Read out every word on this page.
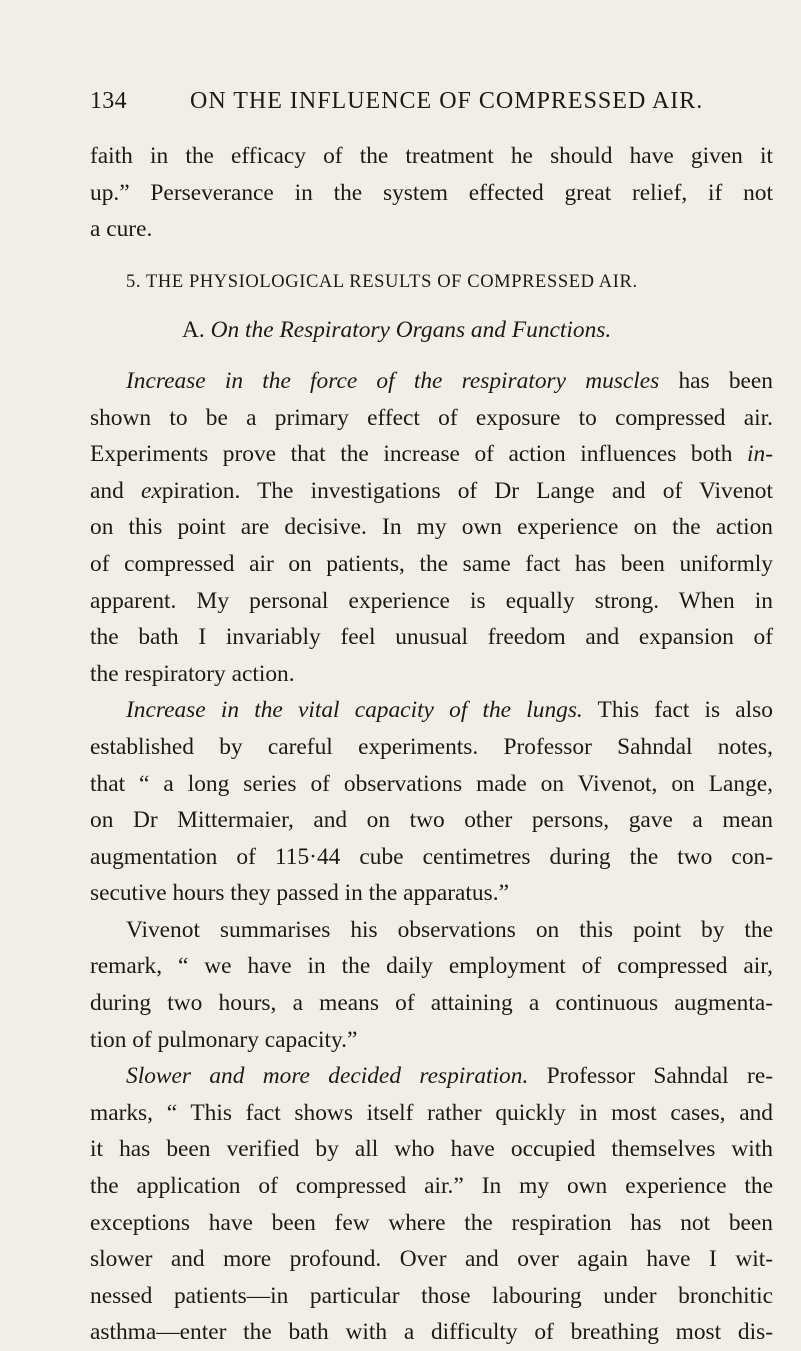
134	ON THE INFLUENCE OF COMPRESSED AIR.
faith in the efficacy of the treatment he should have given it
up.” Perseverance in the system effected great relief, if not
a cure.
5. THE PHYSIOLOGICAL RESULTS OF COMPRESSED AIR.
A. On the Respiratory Organs and Functions.
Increase in the force of the respiratory muscles has been
shown to be a primary effect of exposure to compressed air.
Experiments prove that the increase of action influences both in-
and expiration. The investigations of Dr Lange and of Vivenot
on this point are decisive. In my own experience on the action
of compressed air on patients, the same fact has been uniformly
apparent. My personal experience is equally strong. When in
the bath I invariably feel unusual freedom and expansion of
the respiratory action.
Increase in the vital capacity of the lungs. This fact is also
established by careful experiments. Professor Sahndal notes,
that “ a long series of observations made on Vivenot, on Lange,
on Dr Mittermaier, and on two other persons, gave a mean
augmentation of 115·44 cube centimetres during the two con-
secutive hours they passed in the apparatus.”
Vivenot summarises his observations on this point by the
remark, “ we have in the daily employment of compressed air,
during two hours, a means of attaining a continuous augmenta-
tion of pulmonary capacity.”
Slower and more decided respiration. Professor Sahndal re-
marks, “ This fact shows itself rather quickly in most cases, and
it has been verified by all who have occupied themselves with
the application of compressed air.” In my own experience the
exceptions have been few where the respiration has not been
slower and more profound. Over and over again have I wit-
nessed patients—in particular those labouring under bronchitic
asthma—enter the bath with a difficulty of breathing most dis-
